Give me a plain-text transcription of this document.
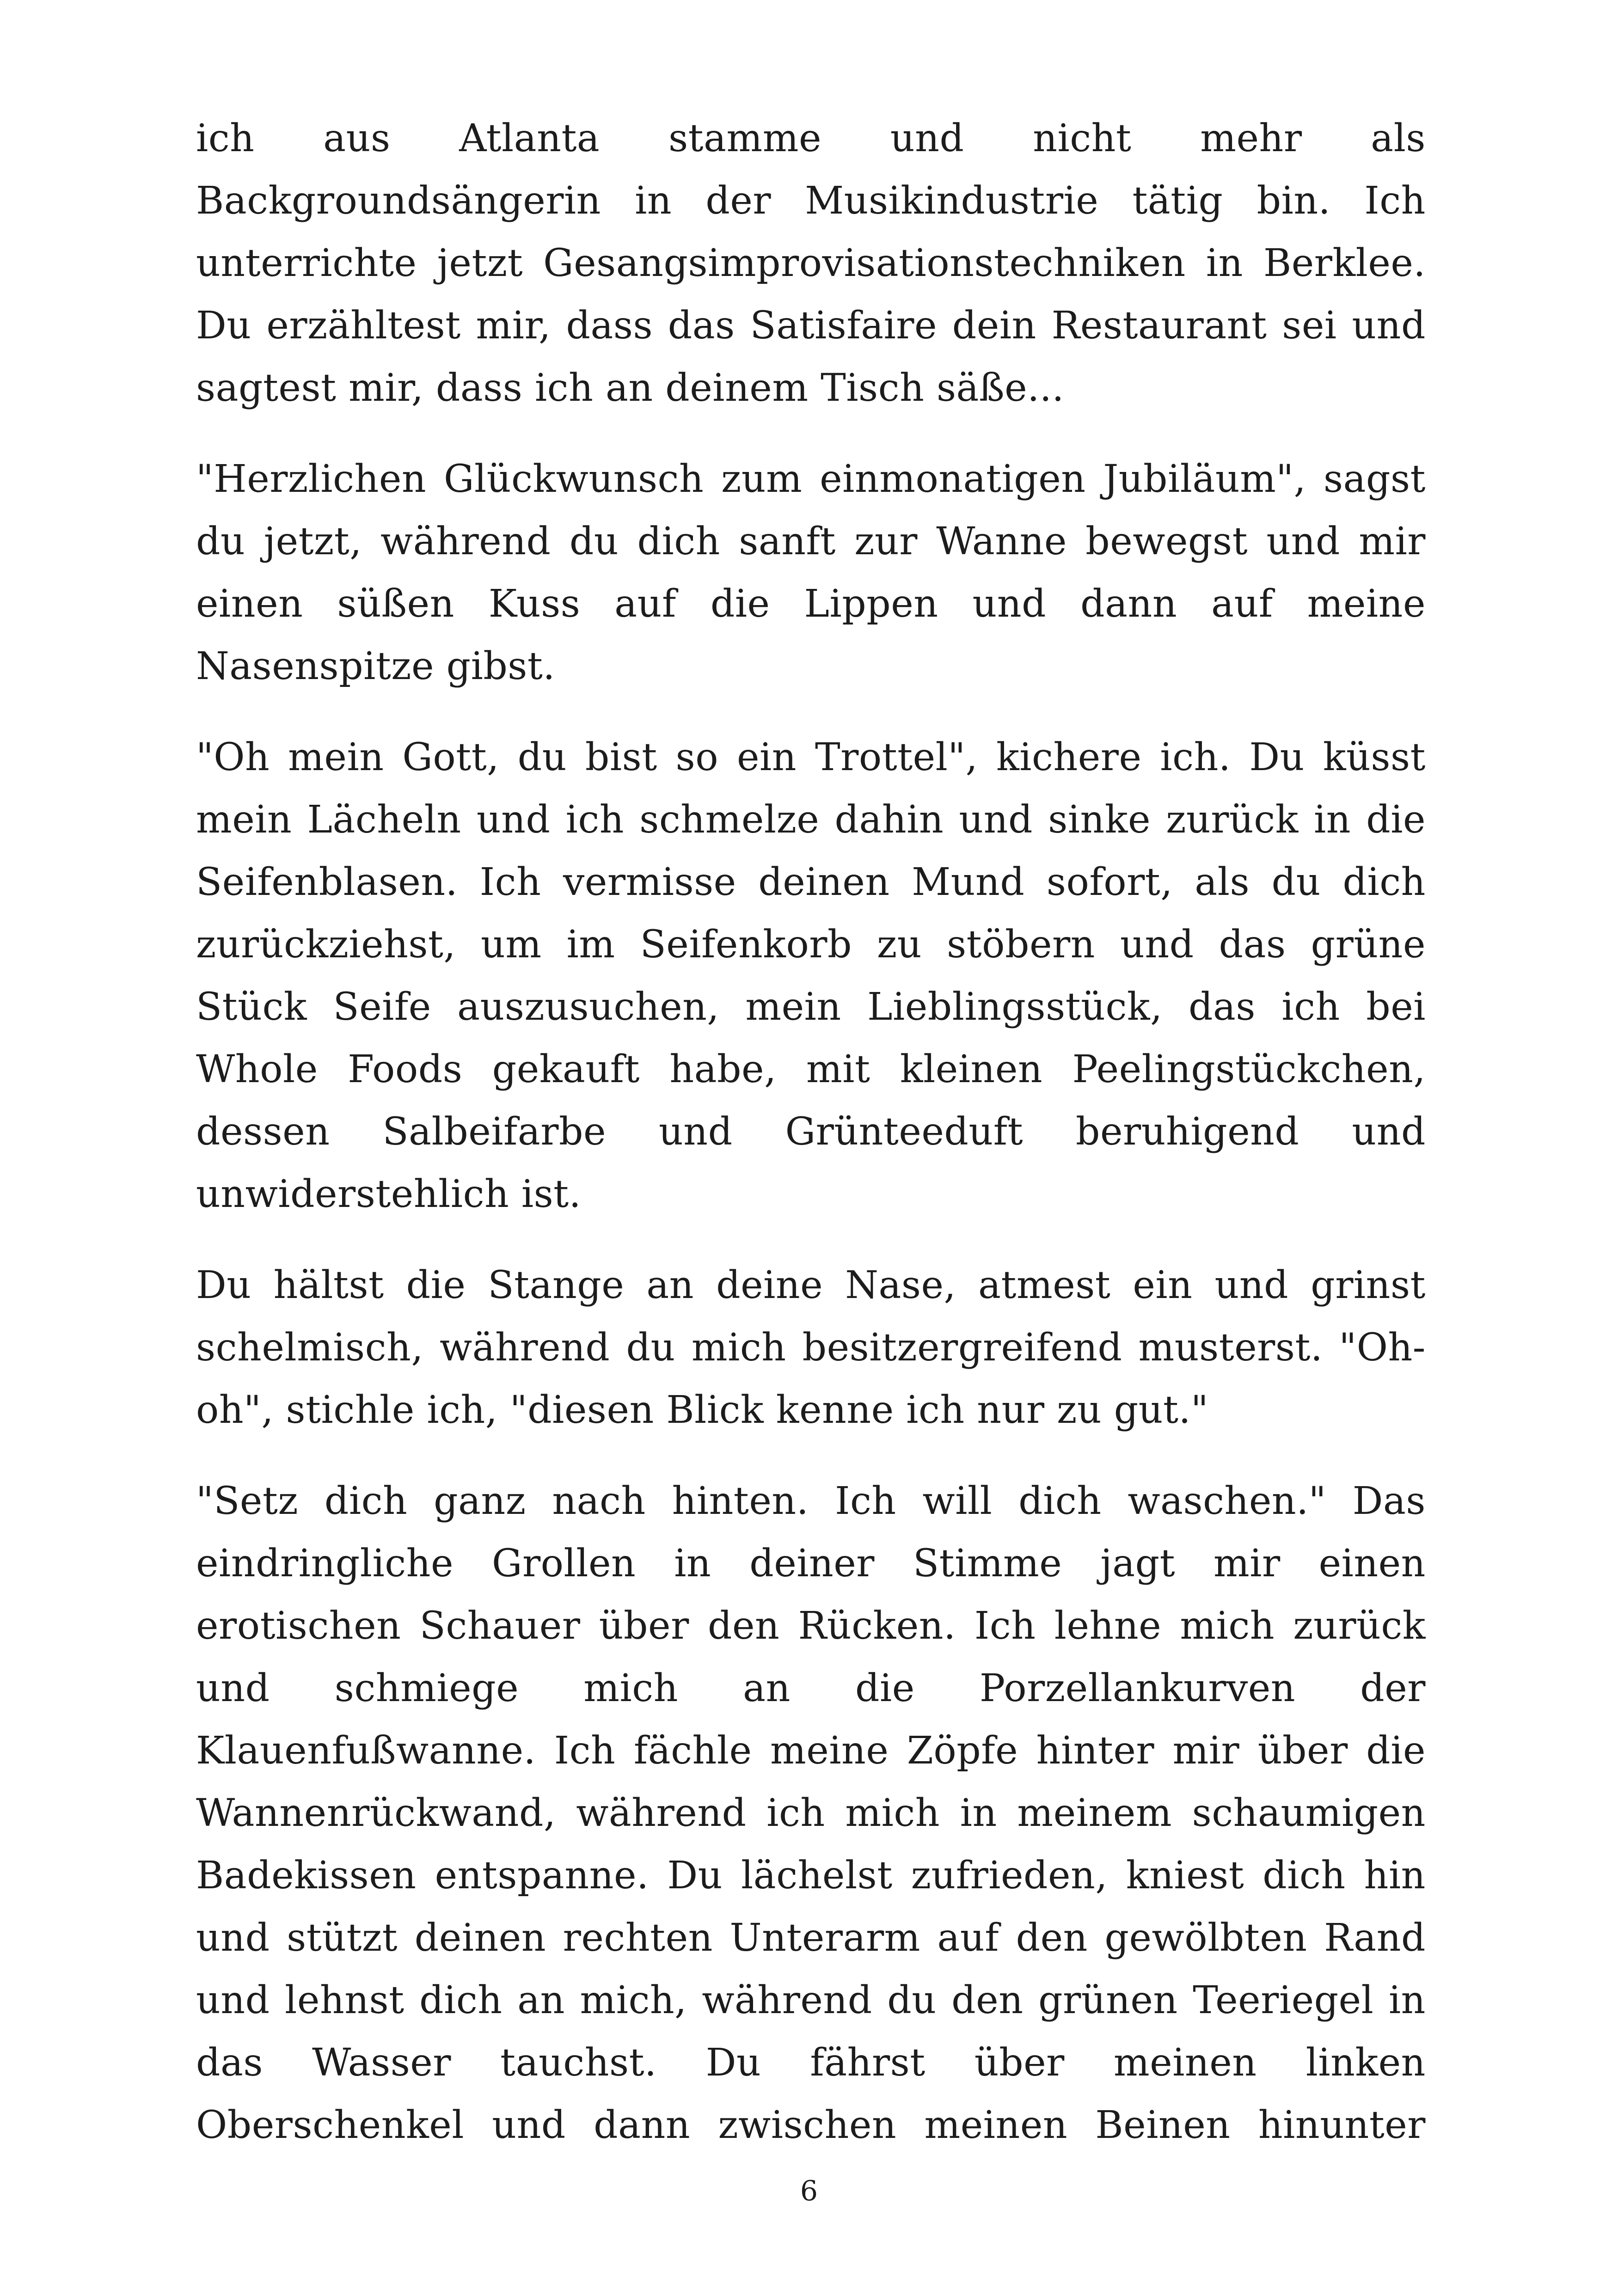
ich aus Atlanta stamme und nicht mehr als
Backgroundsängerin in der Musikindustrie tätig bin. Ich
unterrichte jetzt Gesangsimprovisationstechniken in Berklee.
Du erzähltest mir, dass das Satisfaire dein Restaurant sei und
sagtest mir, dass ich an deinem Tisch säße...

"Herzlichen Glückwunsch zum einmonatigen Jubiläum", sagst
du jetzt, während du dich sanft zur Wanne bewegst und mir
einen süßen Kuss auf die Lippen und dann auf meine
Nasenspitze gibst.

"Oh mein Gott, du bist so ein Trottel", kichere ich. Du küsst
mein Lächeln und ich schmelze dahin und sinke zurück in die
Seifenblasen. Ich vermisse deinen Mund sofort, als du dich
zurückziehst, um im Seifenkorb zu stöbern und das grüne
Stück Seife auszusuchen, mein Lieblingsstück, das ich bei
Whole Foods gekauft habe, mit kleinen Peelingstückchen,
dessen Salbeifarbe und Grünteeduft beruhigend und
unwiderstehlich ist.

Du hältst die Stange an deine Nase, atmest ein und grinst
schelmisch, während du mich besitzergreifend musterst. "Oh-
oh", stichle ich, "diesen Blick kenne ich nur zu gut."

"Setz dich ganz nach hinten. Ich will dich waschen." Das
eindringliche Grollen in deiner Stimme jagt mir einen
erotischen Schauer über den Rücken. Ich lehne mich zurück
und schmiege mich an die Porzellankurven der
Klauenfußwanne. Ich fächle meine Zöpfe hinter mir über die
Wannenrückwand, während ich mich in meinem schaumigen
Badekissen entspanne. Du lächelst zufrieden, kniest dich hin
und stützt deinen rechten Unterarm auf den gewölbten Rand
und lehnst dich an mich, während du den grünen Teeriegel in
das Wasser tauchst. Du fährst über meinen linken
Oberschenkel und dann zwischen meinen Beinen hinunter

6
